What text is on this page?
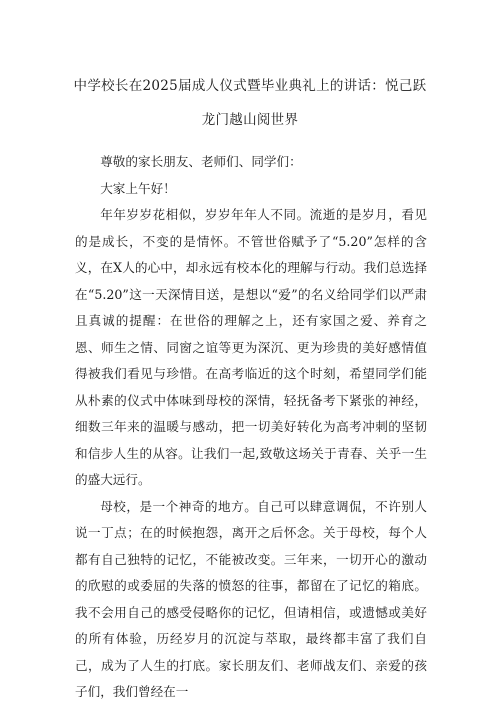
中学校长在2025届成人仪式暨毕业典礼上的讲话：悦己跃
龙门越山阅世界

尊敬的家长朋友、老师们、同学们：

大家上午好！

年年岁岁花相似，岁岁年年人不同。流逝的是岁月，看见的是成长，不变的是情怀。不管世俗赋予了“5.20”怎样的含义，在X人的心中，却永远有校本化的理解与行动。我们总选择在“5.20”这一天深情目送，是想以“爱”的名义给同学们以严肃且真诚的提醒：在世俗的理解之上，还有家国之爱、养育之恩、师生之情、同窗之谊等更为深沉、更为珍贵的美好感情值得被我们看见与珍惜。在高考临近的这个时刻，希望同学们能从朴素的仪式中体味到母校的深情，轻抚备考下紧张的神经，细数三年来的温暖与感动，把一切美好转化为高考冲刺的坚韧和信步人生的从容。让我们一起,致敬这场关于青春、关乎一生的盛大远行。

母校，是一个神奇的地方。自己可以肆意调侃，不许别人说一丁点；在的时候抱怨，离开之后怀念。关于母校，每个人都有自己独特的记忆，不能被改变。三年来，一切开心的激动的欣慰的或委屈的失落的愤怒的往事，都留在了记忆的箱底。我不会用自己的感受侵略你的记忆，但请相信，或遗憾或美好的所有体验，历经岁月的沉淀与萃取，最终都丰富了我们自己，成为了人生的打底。家长朋友们、老师战友们、亲爱的孩子们，我们曾经在一
